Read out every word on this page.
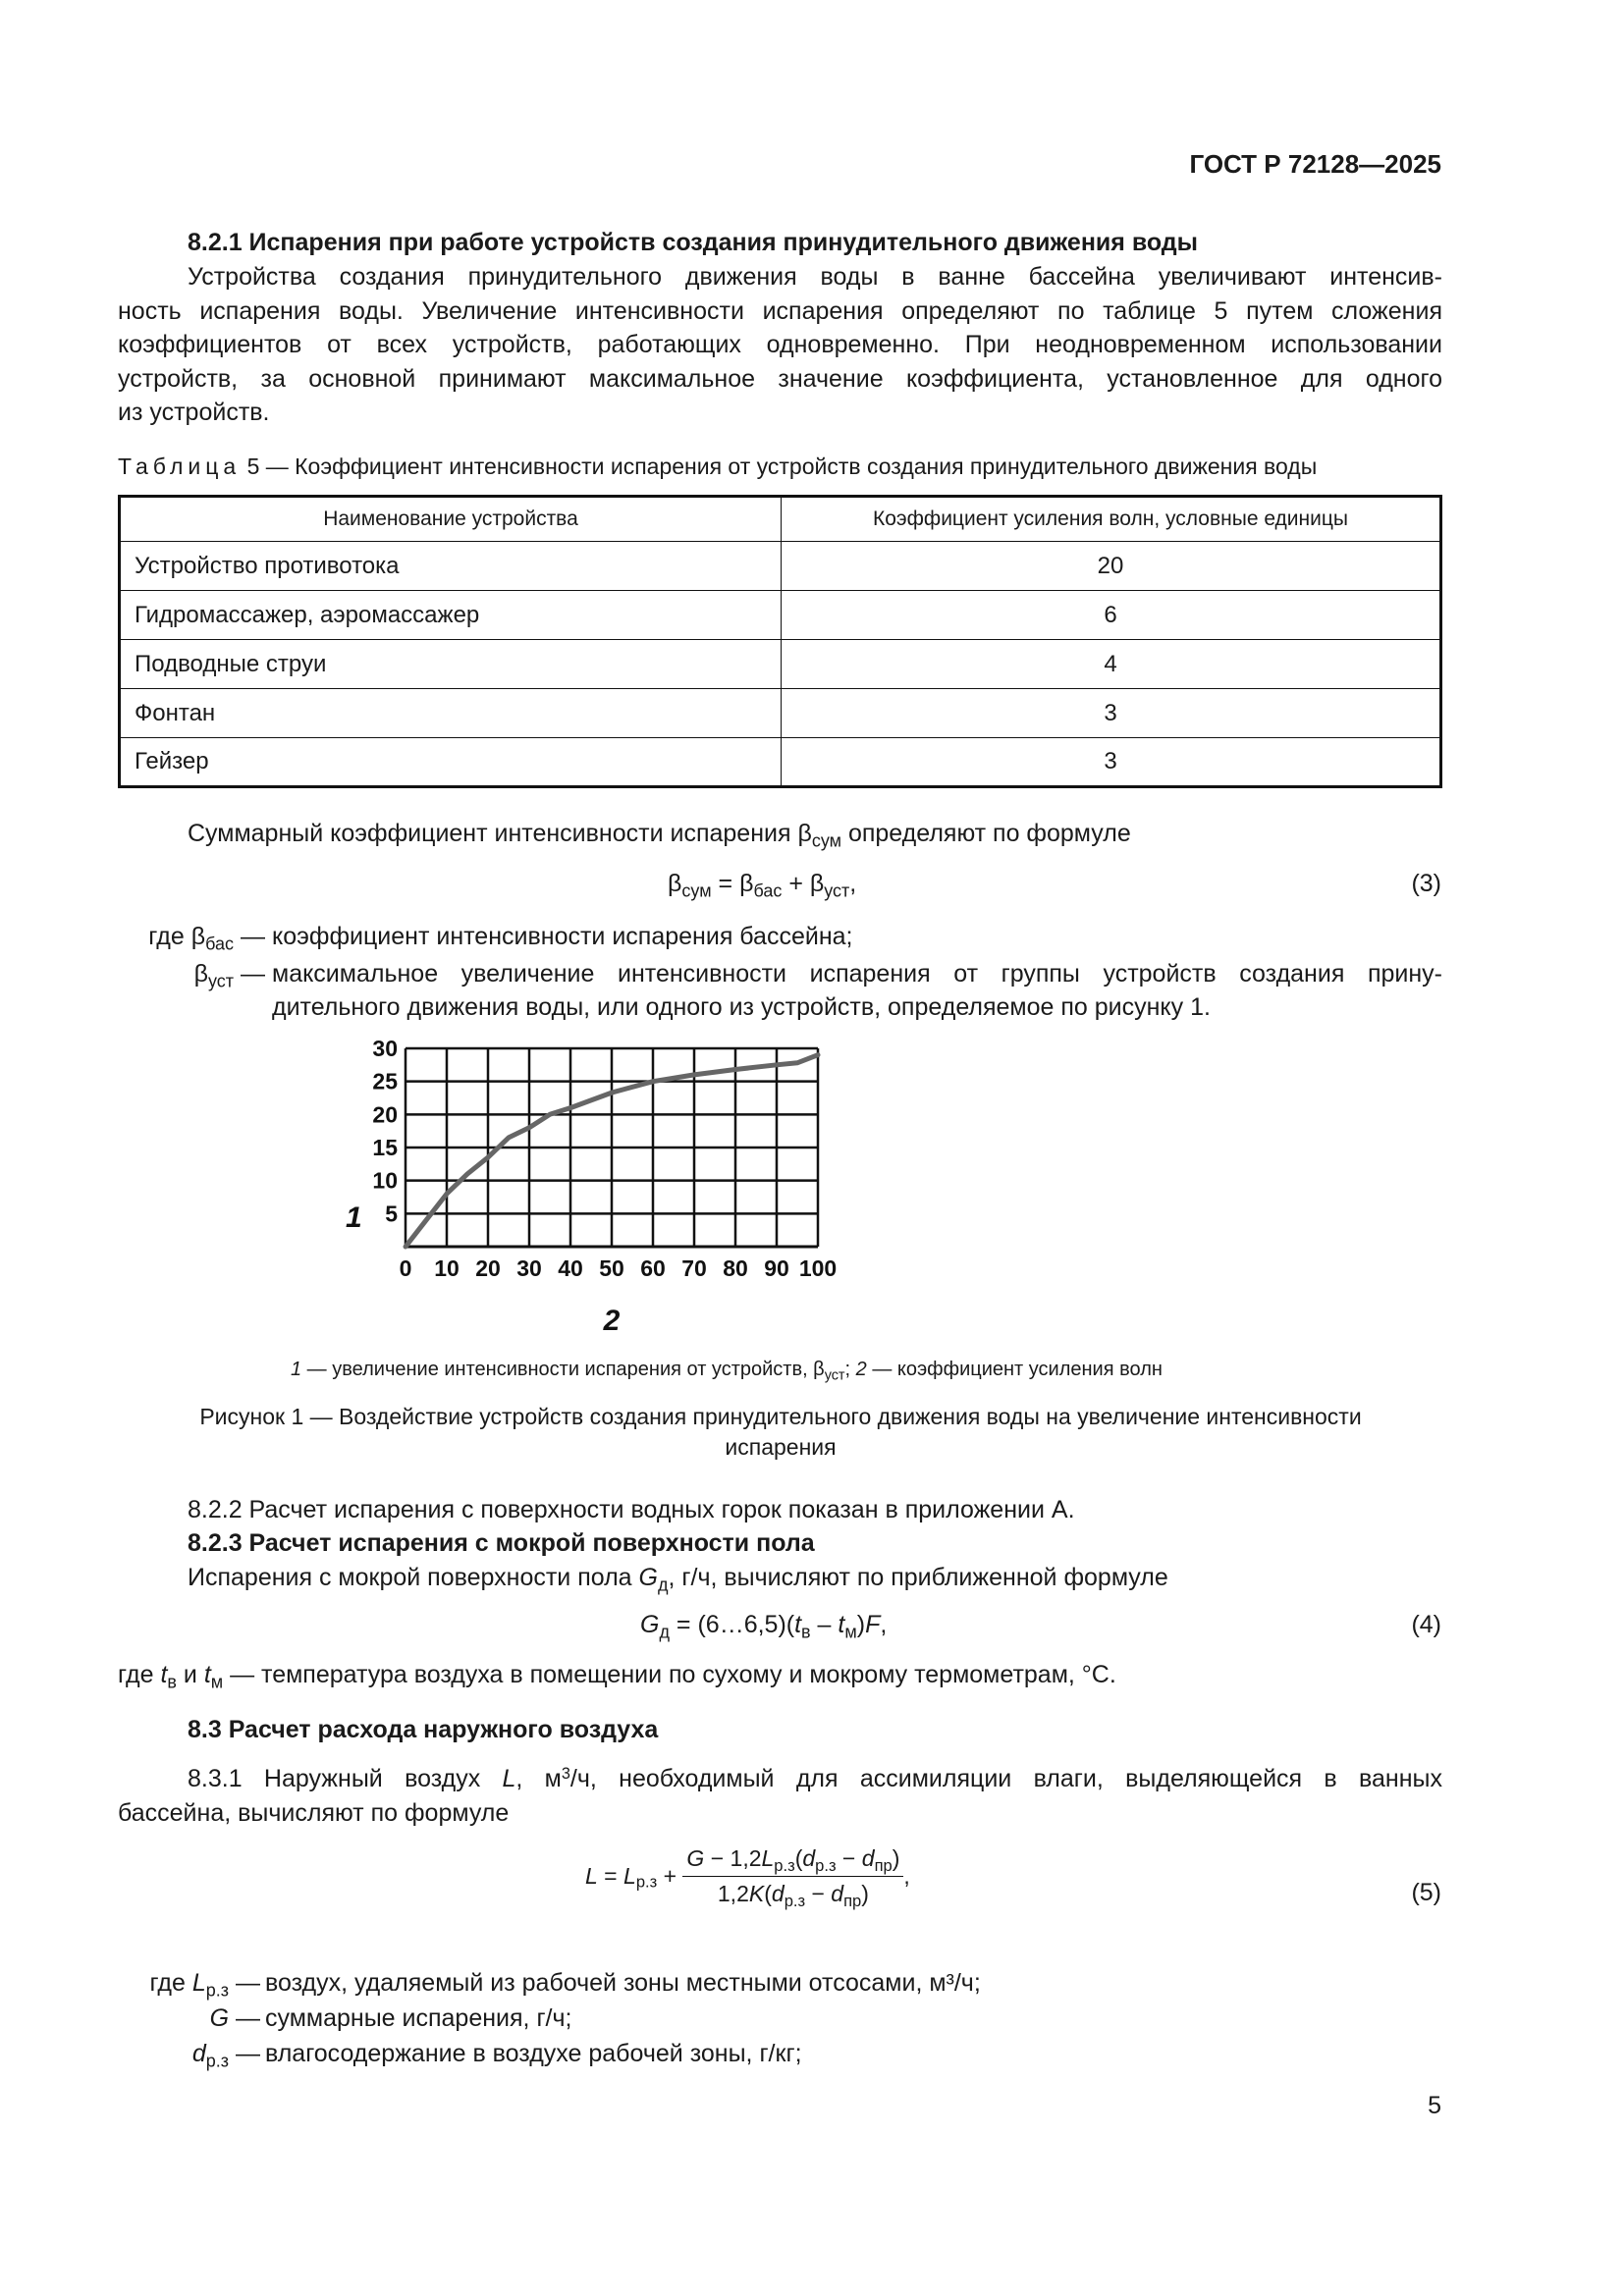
ГОСТ Р 72128—2025
8.2.1 Испарения при работе устройств создания принудительного движения воды
Устройства создания принудительного движения воды в ванне бассейна увеличивают интенсив-
ность испарения воды. Увеличение интенсивности испарения определяют по таблице 5 путем сложения
коэффициентов от всех устройств, работающих одновременно. При неодновременном использовании
устройств, за основной принимают максимальное значение коэффициента, установленное для одного
из устройств.
Таблица 5 — Коэффициент интенсивности испарения от устройств создания принудительного движения воды
Наименование устройства	Коэффициент усиления волн, условные единицы
Устройство противотока	20
Гидромассажер, аэромассажер	6
Подводные струи	4
Фонтан	3
Гейзер	3
Суммарный коэффициент интенсивности испарения $\beta_{сум}$ определяют по формуле
$\beta_{сум} = \beta_{бас} + \beta_{уст}$,	(3)
где $\beta_{бас}$ — коэффициент интенсивности испарения бассейна;
$\beta_{уст}$ — максимальное увеличение интенсивности испарения от группы устройств создания прину-
дительного движения воды, или одного из устройств, определяемое по рисунку 1.
0 10 20 30 40 50 60 70 80 90 100
5
10
15
20
25
30
1
2
1 — увеличение интенсивности испарения от устройств, $\beta_{уст}$; 2 — коэффициент усиления волн
Рисунок 1 — Воздействие устройств создания принудительного движения воды на увеличение интенсивности
испарения
8.2.2 Расчет испарения с поверхности водных горок показан в приложении А.
8.2.3 Расчет испарения с мокрой поверхности пола
Испарения с мокрой поверхности пола $G_д$, г/ч, вычисляют по приближенной формуле
$G_д$ = $(6\dots 6,5)(t_в - t_м)F$,	(4)
где $t_в$ и $t_м$ — температура воздуха в помещении по сухому и мокрому термометрам, °С.
8.3 Расчет расхода наружного воздуха
8.3.1 Наружный воздух L, $м^3/ч$, необходимый для ассимиляции влаги, выделяющейся в ванных
бассейна, вычисляют по формуле
$L = L_{р.з} + \frac{G - 1,2L_{р.з}(d_{р.з} - d_{пр})}{1,2K(d_{р.з} - d_{пр})}$ ,
(5)
где $L_{р.з}$ — воздух, удаляемый из рабочей зоны местными отсосами, м³/ч;
G — суммарные испарения, г/ч;
$d_{р.з}$ — влагосодержание в воздухе рабочей зоны, г/кг;
5
